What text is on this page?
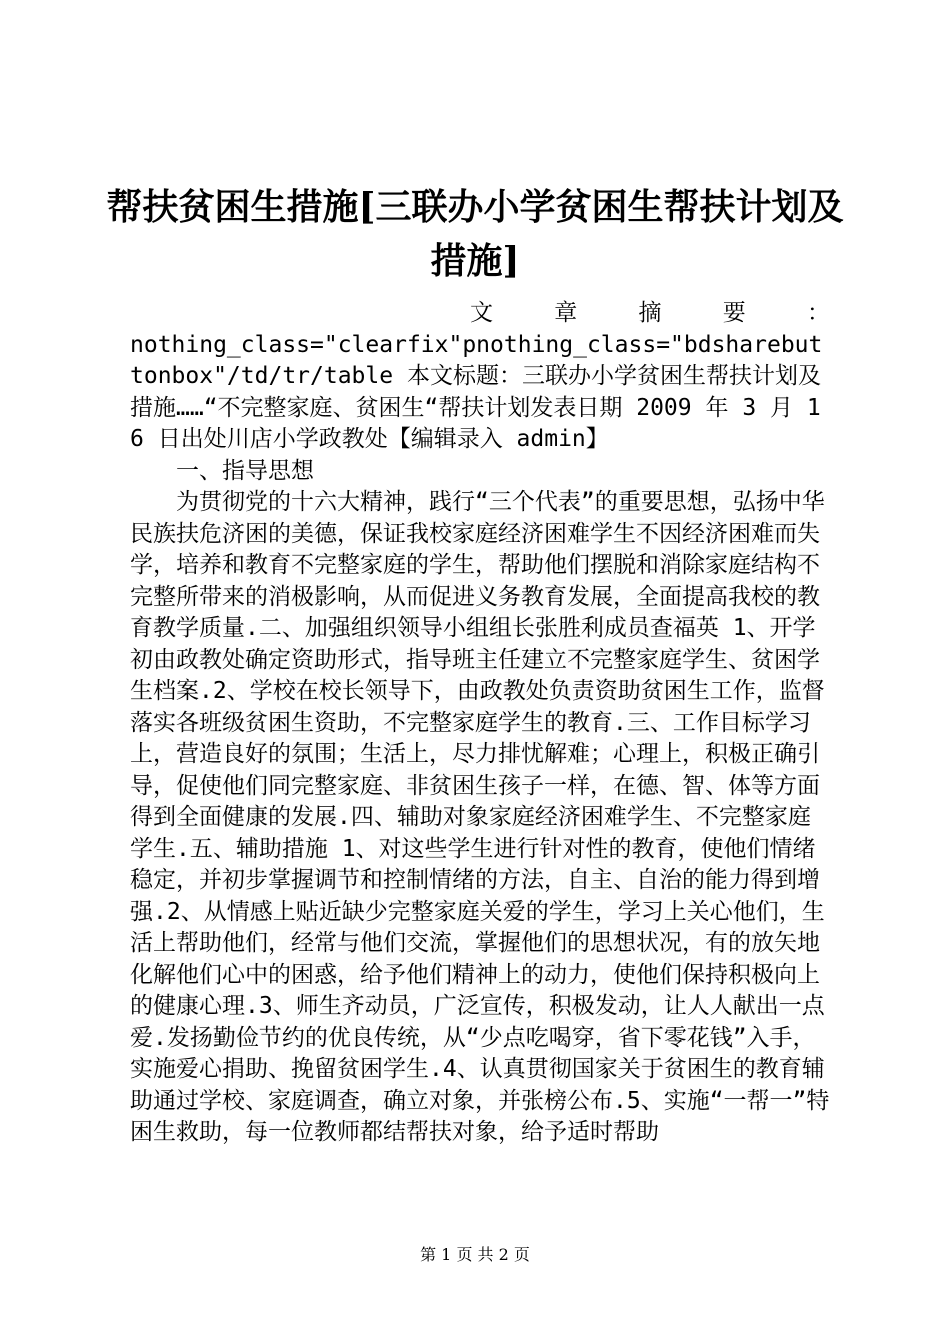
帮扶贫困生措施[三联办小学贫困生帮扶计划及措施]
文 章 摘 要 ：

nothing_class="clearfix"pnothing_class="bdsharebuttonbox"/td/tr/table 本文标题：三联办小学贫困生帮扶计划及措施……“不完整家庭、贫困生“帮扶计划发表日期 2009 年 3 月 16 日出处川店小学政教处【编辑录入 admin】

一、指导思想

为贯彻党的十六大精神，践行“三个代表”的重要思想，弘扬中华民族扶危济困的美德，保证我校家庭经济困难学生不因经济困难而失学，培养和教育不完整家庭的学生，帮助他们摆脱和消除家庭结构不完整所带来的消极影响，从而促进义务教育发展，全面提高我校的教育教学质量.二、加强组织领导小组组长张胜利成员查福英 1、开学初由政教处确定资助形式，指导班主任建立不完整家庭学生、贫困学生档案.2、学校在校长领导下，由政教处负责资助贫困生工作，监督落实各班级贫困生资助，不完整家庭学生的教育.三、工作目标学习上，营造良好的氛围；生活上，尽力排忧解难；心理上，积极正确引导，促使他们同完整家庭、非贫困生孩子一样，在德、智、体等方面得到全面健康的发展.四、辅助对象家庭经济困难学生、不完整家庭学生.五、辅助措施 1、对这些学生进行针对性的教育，使他们情绪稳定，并初步掌握调节和控制情绪的方法，自主、自治的能力得到增强.2、从情感上贴近缺少完整家庭关爱的学生，学习上关心他们，生活上帮助他们，经常与他们交流，掌握他们的思想状况，有的放矢地化解他们心中的困惑，给予他们精神上的动力，使他们保持积极向上的健康心理.3、师生齐动员，广泛宣传，积极发动，让人人献出一点爱.发扬勤俭节约的优良传统，从“少点吃喝穿，省下零花钱”入手，实施爱心捐助、挽留贫困学生.4、认真贯彻国家关于贫困生的教育辅助通过学校、家庭调查，确立对象，并张榜公布.5、实施“一帮一”特困生救助，每一位教师都结帮扶对象，给予适时帮助

第 1 页 共 2 页
